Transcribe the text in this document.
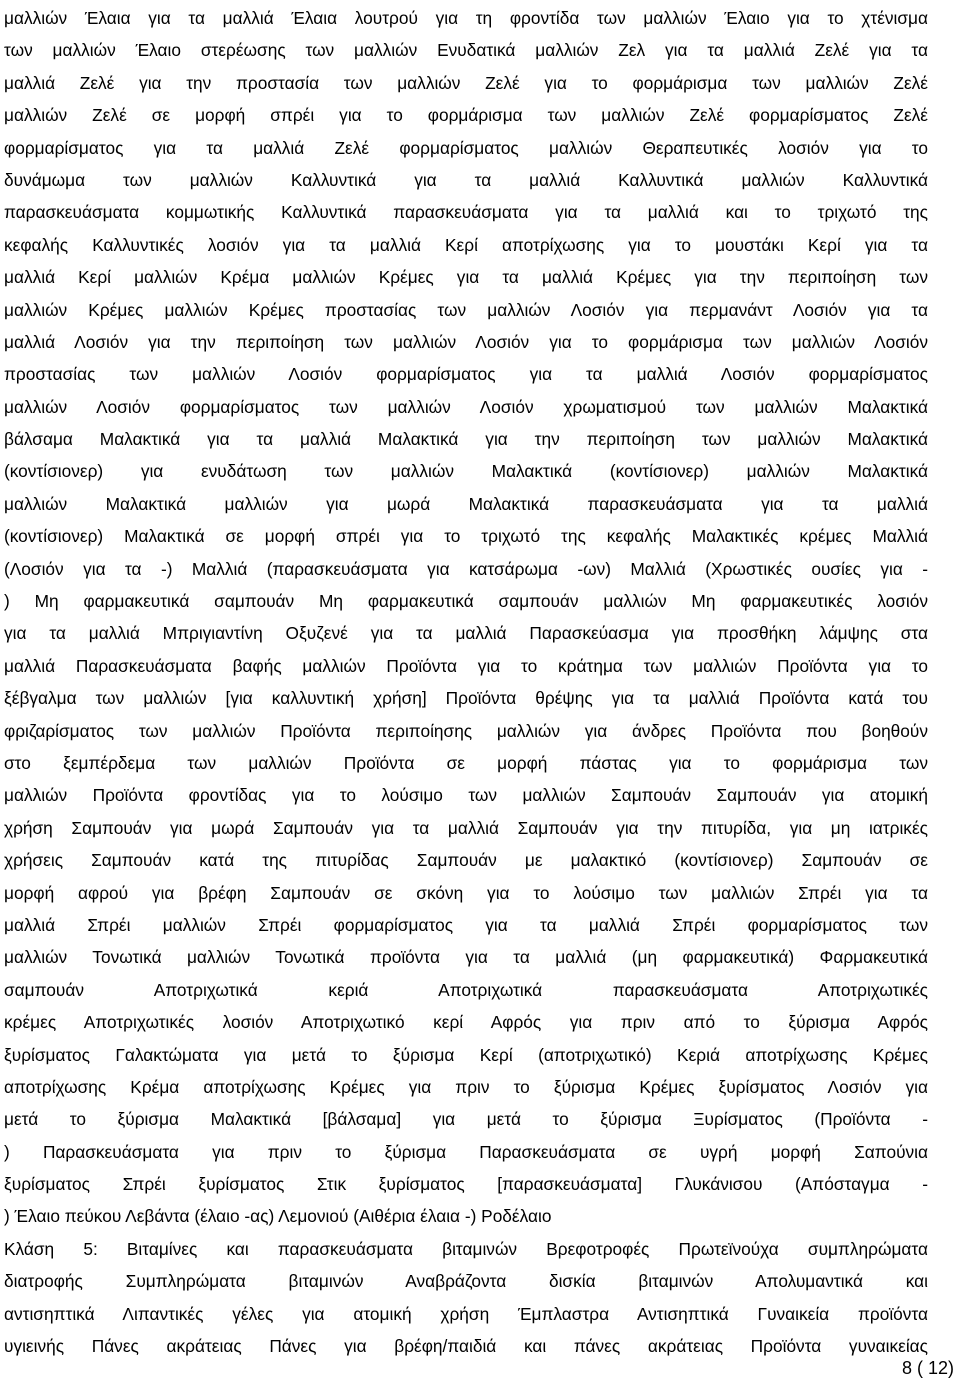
μαλλιών Έλαια για τα μαλλιά Έλαια λουτρού για τη φροντίδα των μαλλιών Έλαιο για το χτένισμα
των μαλλιών Έλαιο στερέωσης των μαλλιών Ενυδατικά μαλλιών Ζελ για τα μαλλιά Ζελέ για τα
μαλλιά Ζελέ για την προστασία των μαλλιών Ζελέ για το φορμάρισμα των μαλλιών Ζελέ
μαλλιών Ζελέ σε μορφή σπρέι για το φορμάρισμα των μαλλιών Ζελέ φορμαρίσματος Ζελέ
φορμαρίσματος για τα μαλλιά Ζελέ φορμαρίσματος μαλλιών Θεραπευτικές λοσιόν για το
δυνάμωμα των μαλλιών Καλλυντικά για τα μαλλιά Καλλυντικά μαλλιών Καλλυντικά
παρασκευάσματα κομμωτικής Καλλυντικά παρασκευάσματα για τα μαλλιά και το τριχωτό της
κεφαλής Καλλυντικές λοσιόν για τα μαλλιά Κερί αποτρίχωσης για το μουστάκι Κερί για τα
μαλλιά Κερί μαλλιών Κρέμα μαλλιών Κρέμες για τα μαλλιά Κρέμες για την περιποίηση των
μαλλιών Κρέμες μαλλιών Κρέμες προστασίας των μαλλιών Λοσιόν για περμανάντ Λοσιόν για τα
μαλλιά Λοσιόν για την περιποίηση των μαλλιών Λοσιόν για το φορμάρισμα των μαλλιών Λοσιόν
προστασίας των μαλλιών Λοσιόν φορμαρίσματος για τα μαλλιά Λοσιόν φορμαρίσματος
μαλλιών Λοσιόν φορμαρίσματος των μαλλιών Λοσιόν χρωματισμού των μαλλιών Μαλακτικά
βάλσαμα Μαλακτικά για τα μαλλιά Μαλακτικά για την περιποίηση των μαλλιών Μαλακτικά
(κοντίσιονερ) για ενυδάτωση των μαλλιών Μαλακτικά (κοντίσιονερ) μαλλιών Μαλακτικά
μαλλιών Μαλακτικά μαλλιών για μωρά Μαλακτικά παρασκευάσματα για τα μαλλιά
(κοντίσιονερ) Μαλακτικά σε μορφή σπρέι για το τριχωτό της κεφαλής Μαλακτικές κρέμες Μαλλιά
(Λοσιόν για τα -) Μαλλιά (παρασκευάσματα για κατσάρωμα -ων) Μαλλιά (Χρωστικές ουσίες για -
) Μη φαρμακευτικά σαμπουάν Μη φαρμακευτικά σαμπουάν μαλλιών Μη φαρμακευτικές λοσιόν
για τα μαλλιά Μπριγιαντίνη Οξυζενέ για τα μαλλιά Παρασκεύασμα για προσθήκη λάμψης στα
μαλλιά Παρασκευάσματα βαφής μαλλιών Προϊόντα για το κράτημα των μαλλιών Προϊόντα για το
ξέβγαλμα των μαλλιών [για καλλυντική χρήση] Προϊόντα θρέψης για τα μαλλιά Προϊόντα κατά του
φριζαρίσματος των μαλλιών Προϊόντα περιποίησης μαλλιών για άνδρες Προϊόντα που βοηθούν
στο ξεμπέρδεμα των μαλλιών Προϊόντα σε μορφή πάστας για το φορμάρισμα των
μαλλιών Προϊόντα φροντίδας για το λούσιμο των μαλλιών Σαμπουάν Σαμπουάν για ατομική
χρήση Σαμπουάν για μωρά Σαμπουάν για τα μαλλιά Σαμπουάν για την πιτυρίδα, για μη ιατρικές
χρήσεις Σαμπουάν κατά της πιτυρίδας Σαμπουάν με μαλακτικό (κοντίσιονερ) Σαμπουάν σε
μορφή αφρού για βρέφη Σαμπουάν σε σκόνη για το λούσιμο των μαλλιών Σπρέι για τα
μαλλιά Σπρέι μαλλιών Σπρέι φορμαρίσματος για τα μαλλιά Σπρέι φορμαρίσματος των
μαλλιών Τονωτικά μαλλιών Τονωτικά προϊόντα για τα μαλλιά (μη φαρμακευτικά) Φαρμακευτικά
σαμπουάν Αποτριχωτικά κεριά Αποτριχωτικά παρασκευάσματα Αποτριχωτικές
κρέμες Αποτριχωτικές λοσιόν Αποτριχωτικό κερί Αφρός για πριν από το ξύρισμα Αφρός
ξυρίσματος Γαλακτώματα για μετά το ξύρισμα Κερί (αποτριχωτικό) Κεριά αποτρίχωσης Κρέμες
αποτρίχωσης Κρέμα αποτρίχωσης Κρέμες για πριν το ξύρισμα Κρέμες ξυρίσματος Λοσιόν για
μετά το ξύρισμα Μαλακτικά [βάλσαμα] για μετά το ξύρισμα Ξυρίσματος (Προϊόντα -
) Παρασκευάσματα για πριν το ξύρισμα Παρασκευάσματα σε υγρή μορφή Σαπούνια
ξυρίσματος Σπρέι ξυρίσματος Στικ ξυρίσματος [παρασκευάσματα] Γλυκάνισου (Απόσταγμα -
) Έλαιο πεύκου Λεβάντα (έλαιο -ας) Λεμονιού (Αιθέρια έλαια -) Ροδέλαιο
Κλάση 5: Βιταμίνες και παρασκευάσματα βιταμινών Βρεφοτροφές Πρωτεϊνούχα συμπληρώματα
διατροφής Συμπληρώματα βιταμινών Αναβράζοντα δισκία βιταμινών Απολυμαντικά και
αντισηπτικά Λιπαντικές γέλες για ατομική χρήση Έμπλαστρα Αντισηπτικά Γυναικεία προϊόντα
υγιεινής Πάνες ακράτειας Πάνες για βρέφη/παιδιά και πάνες ακράτειας Προϊόντα γυναικείας
8 ( 12)
